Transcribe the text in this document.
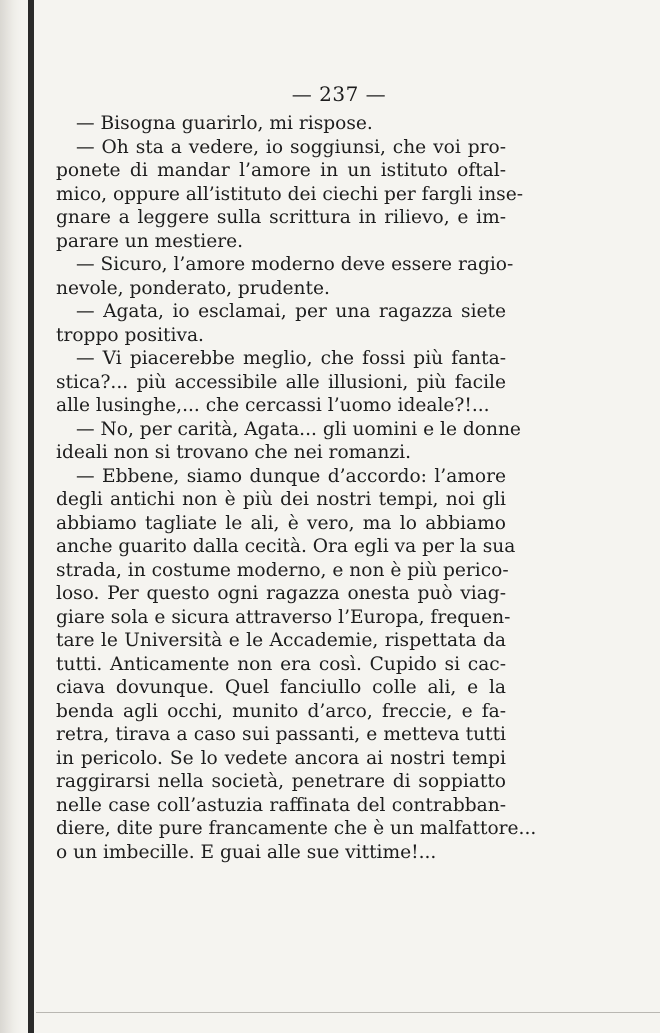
— 237 —
— Bisogna guarirlo, mi rispose.
— Oh sta a vedere, io soggiunsi, che voi pro-
ponete di mandar l’amore in un istituto oftal-
mico, oppure all’istituto dei ciechi per fargli inse-
gnare a leggere sulla scrittura in rilievo, e im-
parare un mestiere.
— Sicuro, l’amore moderno deve essere ragio-
nevole, ponderato, prudente.
— Agata, io esclamai, per una ragazza siete
troppo positiva.
— Vi piacerebbe meglio, che fossi più fanta-
stica?... più accessibile alle illusioni, più facile
alle lusinghe,... che cercassi l’uomo ideale?!...
— No, per carità, Agata... gli uomini e le donne
ideali non si trovano che nei romanzi.
— Ebbene, siamo dunque d’accordo: l’amore
degli antichi non è più dei nostri tempi, noi gli
abbiamo tagliate le ali, è vero, ma lo abbiamo
anche guarito dalla cecità. Ora egli va per la sua
strada, in costume moderno, e non è più perico-
loso. Per questo ogni ragazza onesta può viag-
giare sola e sicura attraverso l’Europa, frequen-
tare le Università e le Accademie, rispettata da
tutti. Anticamente non era così. Cupido si cac-
ciava dovunque. Quel fanciullo colle ali, e la
benda agli occhi, munito d’arco, freccie, e fa-
retra, tirava a caso sui passanti, e metteva tutti
in pericolo. Se lo vedete ancora ai nostri tempi
raggirarsi nella società, penetrare di soppiatto
nelle case coll’astuzia raffinata del contrabban-
diere, dite pure francamente che è un malfattore...
o un imbecille. E guai alle sue vittime!...
